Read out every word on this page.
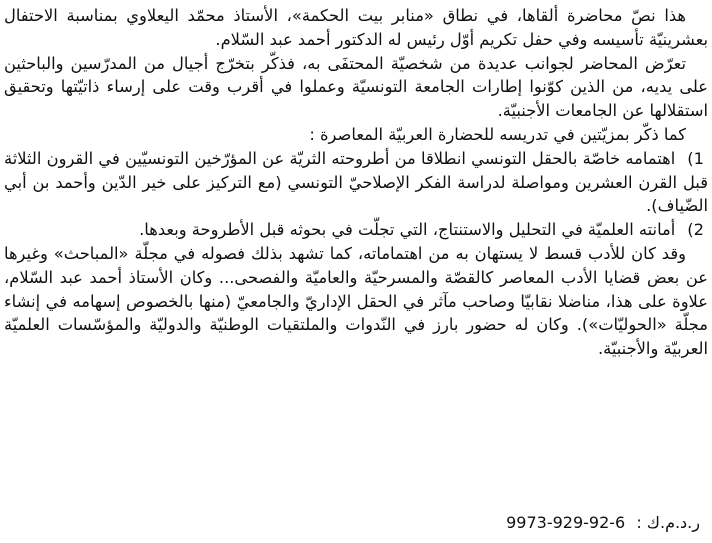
هذا نصّ محاضرة ألقاها، في نطاق «منابر بيت الحكمة»، الأستاذ محمّد اليعلاوي بمناسبة الاحتفال بعشرينيّة تأسيسه وفي حفل تكريم أوّل رئيس له الدكتور أحمد عبد السّلام.

تعرّض المحاضر لجوانب عديدة من شخصيّة المحتفَى به، فذكّر بتخرّج أجيال من المدرّسين والباحثين على يديه، من الذين كوّنوا إطارات الجامعة التونسيّة وعملوا في أقرب وقت على إرساء ذاتيّتها وتحقيق استقلالها عن الجامعات الأجنبيّة.

كما ذكّر بمزيّتين في تدريسه للحضارة العربيّة المعاصرة :

1)اهتمامه خاصّة بالحقل التونسي انطلاقا من أطروحته الثريّة عن المؤرّخين التونسيّين في القرون الثلاثة قبل القرن العشرين ومواصلة لدراسة الفكر الإصلاحيّ التونسي (مع التركيز على خير الدّين وأحمد بن أبي الضّياف).

2)أمانته العلميّة في التحليل والاستنتاج، التي تجلّت في بحوثه قبل الأطروحة وبعدها.

وقد كان للأدب قسط لا يستهان به من اهتماماته، كما تشهد بذلك فصوله في مجلّة «المباحث» وغيرها عن بعض قضايا الأدب المعاصر كالقصّة والمسرحيّة والعاميّة والفصحى... وكان الأستاذ أحمد عبد السّلام، علاوة على هذا، مناضلا نقابيّا وصاحب مآثر في الحقل الإداريّ والجامعيّ (منها بالخصوص إسهامه في إنشاء مجلّة «الحوليّات»). وكان له حضور بارز في النّدوات والملتقيات الوطنيّة والدوليّة والمؤسّسات العلميّة العربيّة والأجنبيّة.

ر.د.م.ك : 9973-929-92-6
